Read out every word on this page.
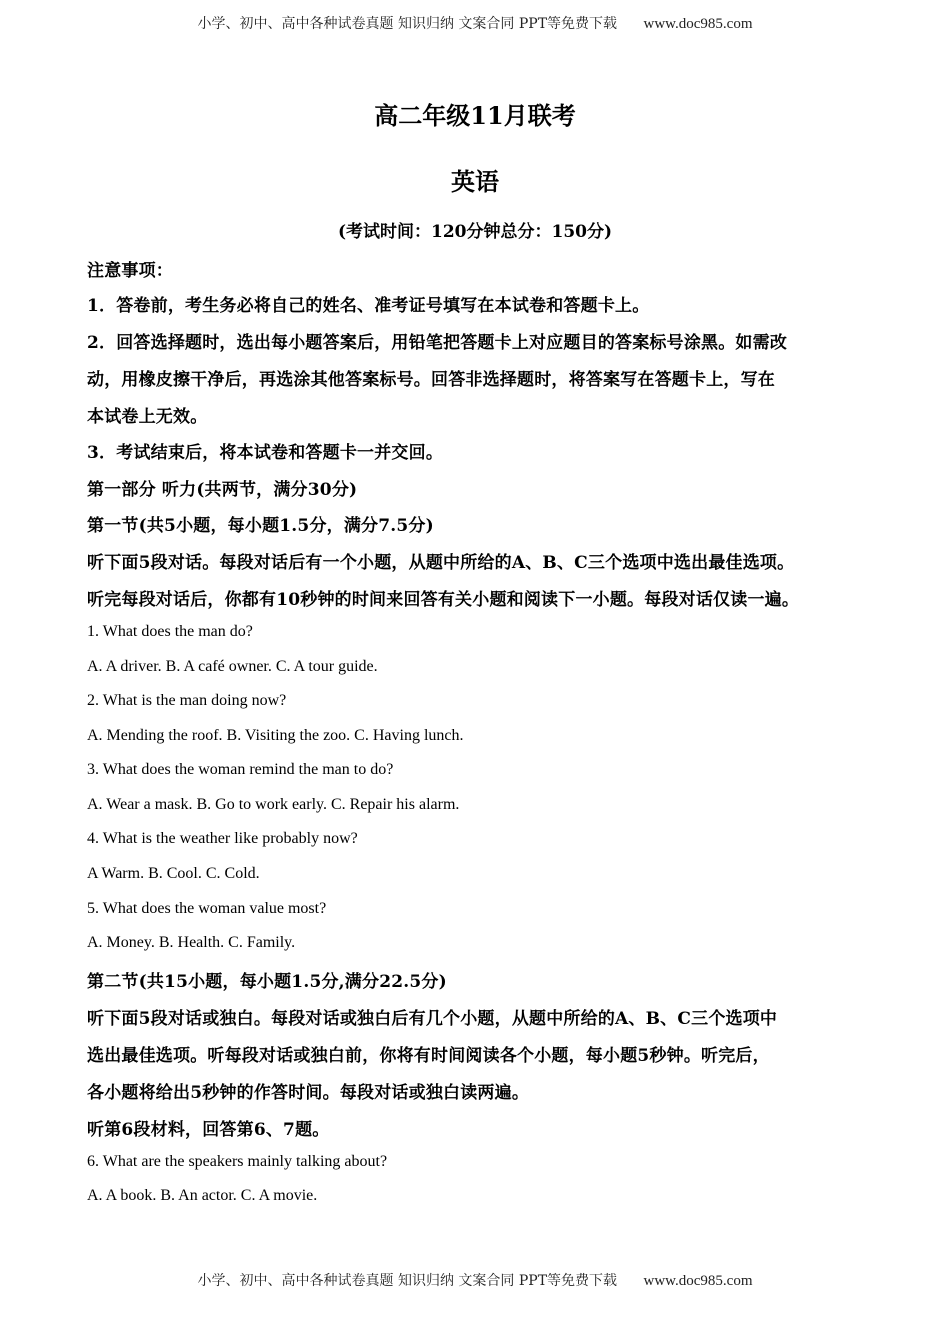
小学、初中、高中各种试卷真题 知识归纳 文案合同 PPT等免费下载 www.doc985.com
高二年级11月联考
英语
(考试时间：120分钟总分：150分)
注意事项：
1．答卷前，考生务必将自己的姓名、准考证号填写在本试卷和答题卡上。
2．回答选择题时，选出每小题答案后，用铅笔把答题卡上对应题目的答案标号涂黑。如需改
动，用橡皮擦干净后，再选涂其他答案标号。回答非选择题时，将答案写在答题卡上，写在
本试卷上无效。
3．考试结束后，将本试卷和答题卡一并交回。
第一部分 听力(共两节，满分30分)
第一节(共5小题，每小题1.5分，满分7.5分)
听下面5段对话。每段对话后有一个小题，从题中所给的A、B、C三个选项中选出最佳选项。
听完每段对话后，你都有10秒钟的时间来回答有关小题和阅读下一小题。每段对话仅读一遍。
1. What does the man do?
A. A driver. B. A café owner. C. A tour guide.
2. What is the man doing now?
A. Mending the roof. B. Visiting the zoo. C. Having lunch.
3. What does the woman remind the man to do?
A. Wear a mask. B. Go to work early. C. Repair his alarm.
4. What is the weather like probably now?
A Warm. B. Cool. C. Cold.
5. What does the woman value most?
A. Money. B. Health. C. Family.
第二节(共15小题，每小题1.5分,满分22.5分)
听下面5段对话或独白。每段对话或独白后有几个小题，从题中所给的A、B、C三个选项中
选出最佳选项。听每段对话或独白前，你将有时间阅读各个小题，每小题5秒钟。听完后，
各小题将给出5秒钟的作答时间。每段对话或独白读两遍。
听第6段材料，回答第6、7题。
6. What are the speakers mainly talking about?
A. A book. B. An actor. C. A movie.
小学、初中、高中各种试卷真题 知识归纳 文案合同 PPT等免费下载 www.doc985.com
